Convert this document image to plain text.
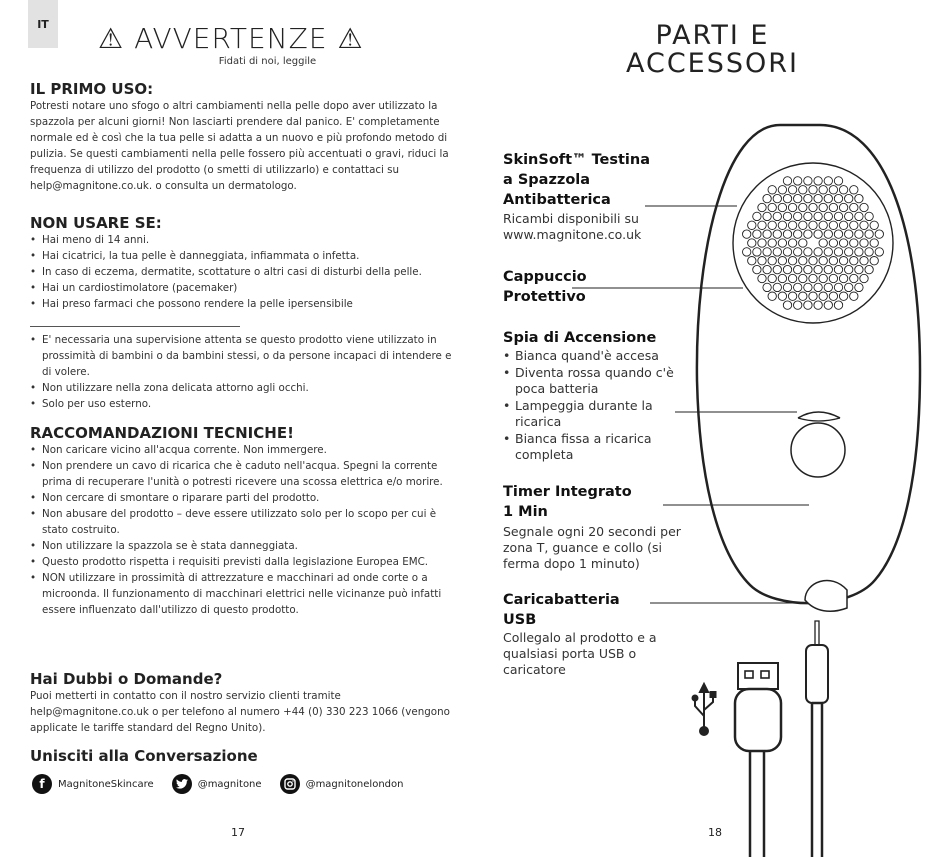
IT	⚠ AVVERTENZE ⚠
Fidati di noi, leggile
IL PRIMO USO:
Potresti notare uno sfogo o altri cambiamenti nella pelle dopo aver utilizzato la spazzola per alcuni giorni! Non lasciarti prendere dal panico. E' completamente normale ed è così che la tua pelle si adatta a un nuovo e più profondo metodo di pulizia. Se questi cambiamenti nella pelle fossero più accentuati o gravi, riduci la frequenza di utilizzo del prodotto (o smetti di utilizzarlo) e contattaci su help@magnitone.co.uk. o consulta un dermatologo.
NON USARE SE:
• Hai meno di 14 anni.
• Hai cicatrici, la tua pelle è danneggiata, infiammata o infetta.
• In caso di eczema, dermatite, scottature o altri casi di disturbi della pelle.
• Hai un cardiostimolatore (pacemaker)
• Hai preso farmaci che possono rendere la pelle ipersensibile
• E' necessaria una supervisione attenta se questo prodotto viene utilizzato in prossimità di bambini o da bambini stessi, o da persone incapaci di intendere e di volere.
• Non utilizzare nella zona delicata attorno agli occhi.
• Solo per uso esterno.
RACCOMANDAZIONI TECNICHE!
• Non caricare vicino all'acqua corrente. Non immergere.
• Non prendere un cavo di ricarica che è caduto nell'acqua. Spegni la corrente prima di recuperare l'unità o potresti ricevere una scossa elettrica e/o morire.
• Non cercare di smontare o riparare parti del prodotto.
• Non abusare del prodotto – deve essere utilizzato solo per lo scopo per cui è stato costruito.
• Non utilizzare la spazzola se è stata danneggiata.
• Questo prodotto rispetta i requisiti previsti dalla legislazione Europea EMC.
• NON utilizzare in prossimità di attrezzature e macchinari ad onde corte o a microonda. Il funzionamento di macchinari elettrici nelle vicinanze può infatti essere influenzato dall'utilizzo di questo prodotto.
Hai Dubbi o Domande?
Puoi metterti in contatto con il nostro servizio clienti tramite help@magnitone.co.uk o per telefono al numero +44 (0) 330 223 1066 (vengono applicate le tariffe standard del Regno Unito).
Unisciti alla Conversazione
f	MagnitoneSkincare	@magnitone	@magnitonelondon
17
PARTI E
ACCESSORI
SkinSoft™ Testina a Spazzola Antibatterica
Ricambi disponibili su www.magnitone.co.uk
Cappuccio Protettivo
Spia di Accensione
• Bianca quand'è accesa
• Diventa rossa quando c'è poca batteria
• Lampeggia durante la ricarica
• Bianca fissa a ricarica completa
Timer Integrato 1 Min
Segnale ogni 20 secondi per zona T, guance e collo (si ferma dopo 1 minuto)
Caricabatteria USB
Collegalo al prodotto e a qualsiasi porta USB o caricatore
18
